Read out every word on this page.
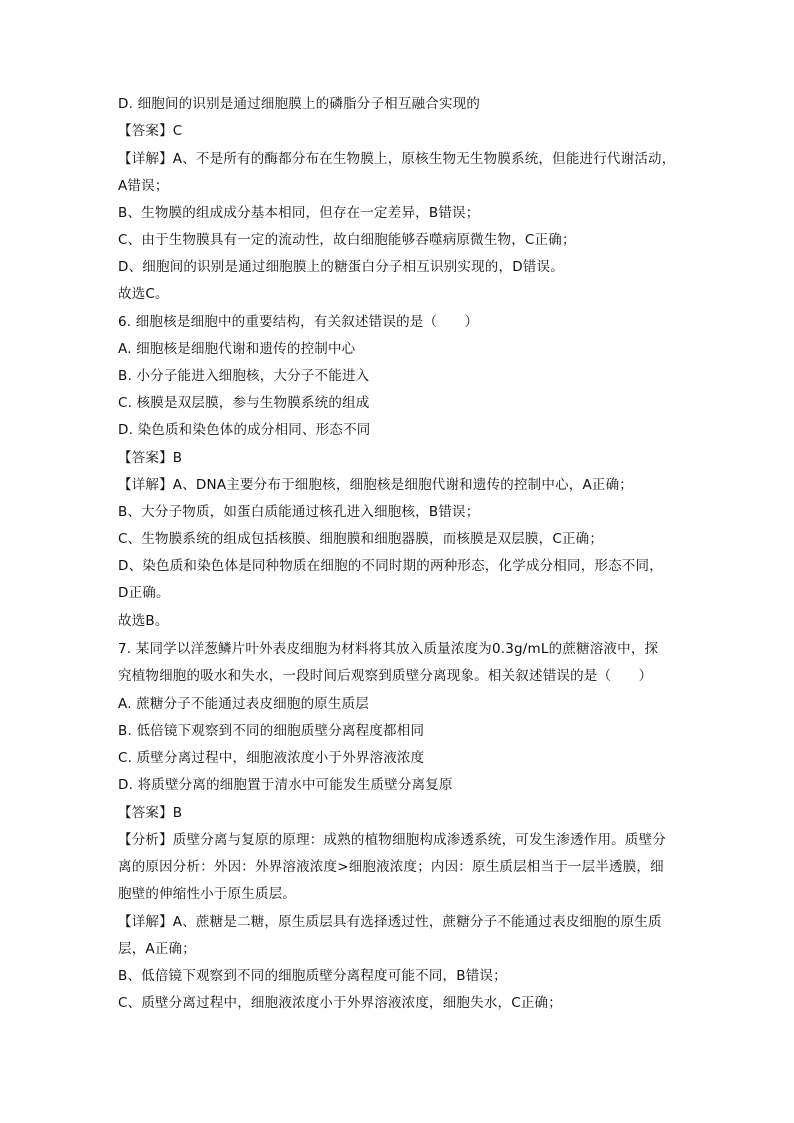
D. 细胞间的识别是通过细胞膜上的磷脂分子相互融合实现的
【答案】C
【详解】A、不是所有的酶都分布在生物膜上，原核生物无生物膜系统，但能进行代谢活动，
A错误；
B、生物膜的组成成分基本相同，但存在一定差异，B错误；
C、由于生物膜具有一定的流动性，故白细胞能够吞噬病原微生物，C正确；
D、细胞间的识别是通过细胞膜上的糖蛋白分子相互识别实现的，D错误。
故选C。
6. 细胞核是细胞中的重要结构，有关叙述错误的是（　　）
A. 细胞核是细胞代谢和遗传的控制中心
B. 小分子能进入细胞核，大分子不能进入
C. 核膜是双层膜，参与生物膜系统的组成
D. 染色质和染色体的成分相同、形态不同
【答案】B
【详解】A、DNA主要分布于细胞核，细胞核是细胞代谢和遗传的控制中心，A正确；
B、大分子物质，如蛋白质能通过核孔进入细胞核，B错误；
C、生物膜系统的组成包括核膜、细胞膜和细胞器膜，而核膜是双层膜，C正确；
D、染色质和染色体是同种物质在细胞的不同时期的两种形态，化学成分相同，形态不同，
D正确。
故选B。
7. 某同学以洋葱鳞片叶外表皮细胞为材料将其放入质量浓度为0.3g/mL的蔗糖溶液中，探
究植物细胞的吸水和失水，一段时间后观察到质壁分离现象。相关叙述错误的是（　　）
A. 蔗糖分子不能通过表皮细胞的原生质层
B. 低倍镜下观察到不同的细胞质壁分离程度都相同
C. 质壁分离过程中，细胞液浓度小于外界溶液浓度
D. 将质壁分离的细胞置于清水中可能发生质壁分离复原
【答案】B
【分析】质壁分离与复原的原理：成熟的植物细胞构成渗透系统，可发生渗透作用。质壁分
离的原因分析：外因：外界溶液浓度>细胞液浓度；内因：原生质层相当于一层半透膜，细
胞壁的伸缩性小于原生质层。
【详解】A、蔗糖是二糖，原生质层具有选择透过性，蔗糖分子不能通过表皮细胞的原生质
层，A正确；
B、低倍镜下观察到不同的细胞质壁分离程度可能不同，B错误；
C、质壁分离过程中，细胞液浓度小于外界溶液浓度，细胞失水，C正确；
